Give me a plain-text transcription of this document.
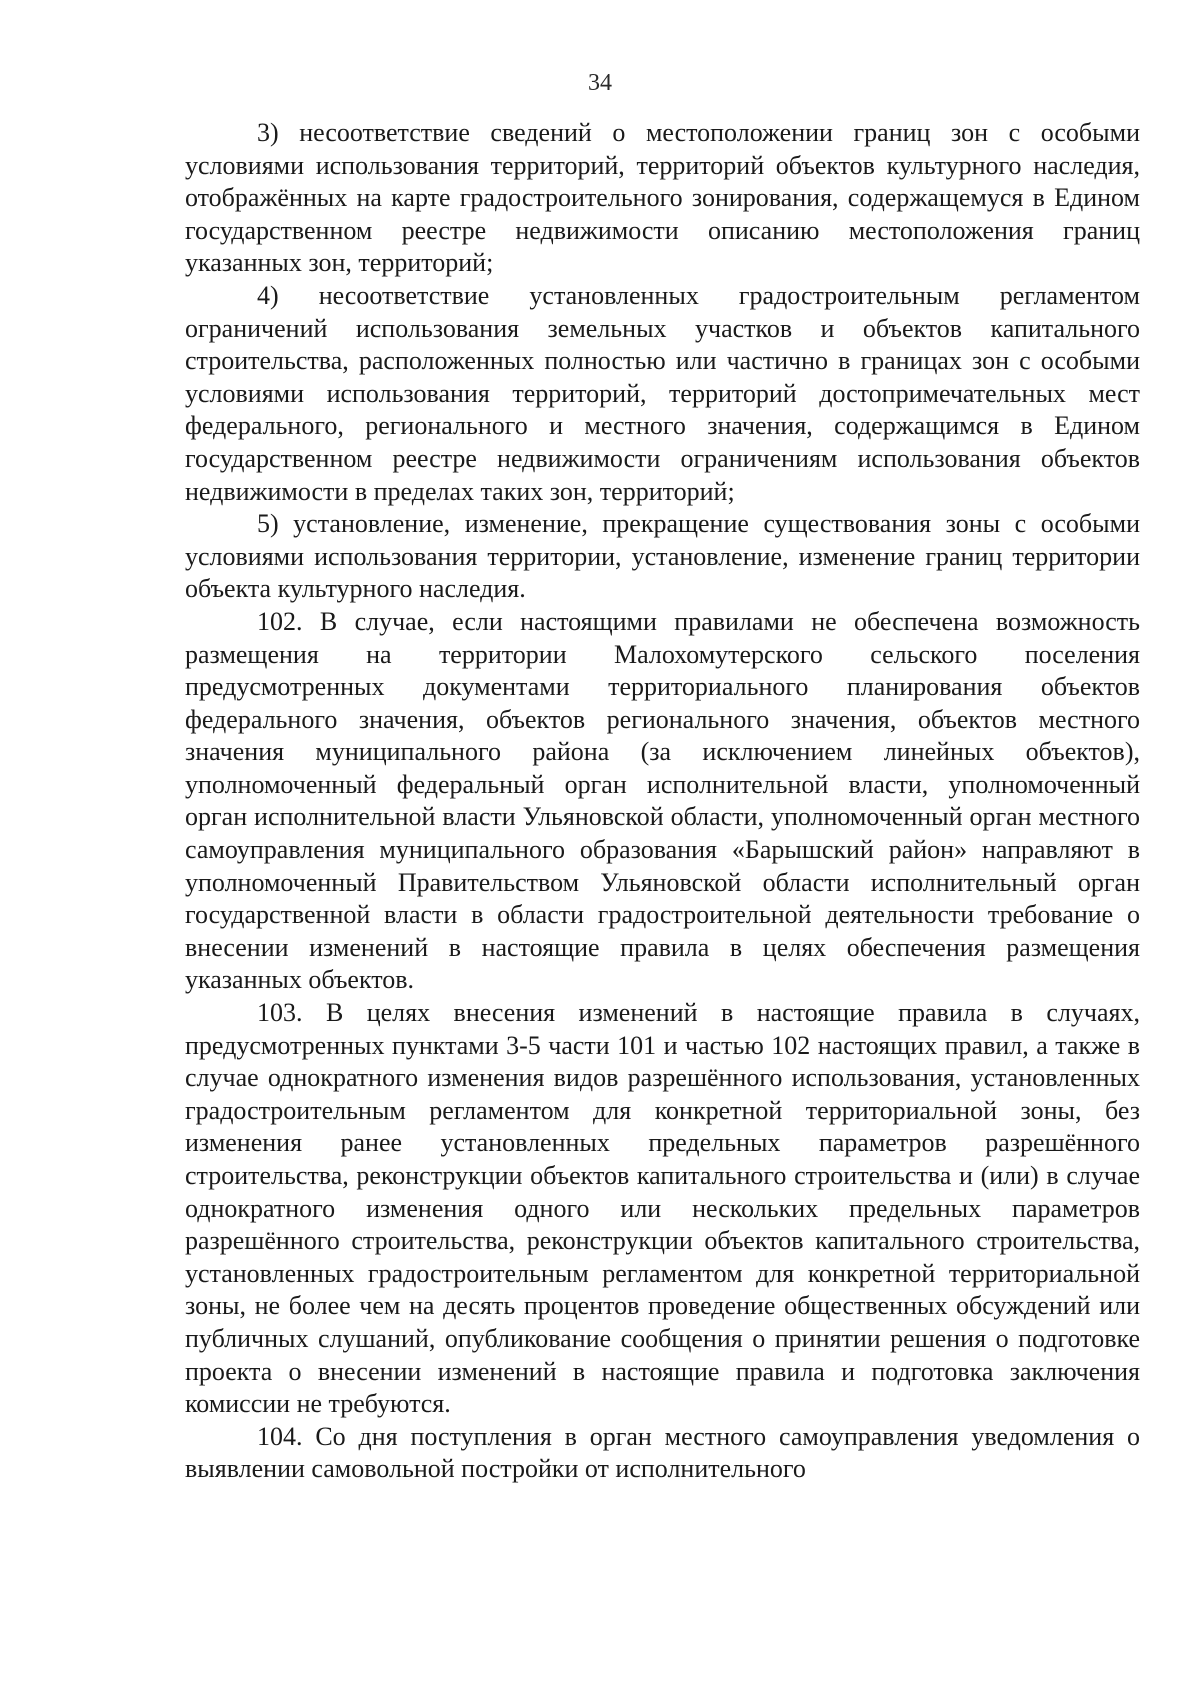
34

3) несоответствие сведений о местоположении границ зон с особыми условиями использования территорий, территорий объектов культурного наследия, отображённых на карте градостроительного зонирования, содержащемуся в Едином государственном реестре недвижимости описанию местоположения границ указанных зон, территорий;

4) несоответствие установленных градостроительным регламентом ограничений использования земельных участков и объектов капитального строительства, расположенных полностью или частично в границах зон с особыми условиями использования территорий, территорий достопримечательных мест федерального, регионального и местного значения, содержащимся в Едином государственном реестре недвижимости ограничениям использования объектов недвижимости в пределах таких зон, территорий;

5) установление, изменение, прекращение существования зоны с особыми условиями использования территории, установление, изменение границ территории объекта культурного наследия.

102. В случае, если настоящими правилами не обеспечена возможность размещения на территории Малохомутерского сельского поселения предусмотренных документами территориального планирования объектов федерального значения, объектов регионального значения, объектов местного значения муниципального района (за исключением линейных объектов), уполномоченный федеральный орган исполнительной власти, уполномоченный орган исполнительной власти Ульяновской области, уполномоченный орган местного самоуправления муниципального образования «Барышский район» направляют в уполномоченный Правительством Ульяновской области исполнительный орган государственной власти в области градостроительной деятельности требование о внесении изменений в настоящие правила в целях обеспечения размещения указанных объектов.

103. В целях внесения изменений в настоящие правила в случаях, предусмотренных пунктами 3-5 части 101 и частью 102 настоящих правил, а также в случае однократного изменения видов разрешённого использования, установленных градостроительным регламентом для конкретной территориальной зоны, без изменения ранее установленных предельных параметров разрешённого строительства, реконструкции объектов капитального строительства и (или) в случае однократного изменения одного или нескольких предельных параметров разрешённого строительства, реконструкции объектов капитального строительства, установленных градостроительным регламентом для конкретной территориальной зоны, не более чем на десять процентов проведение общественных обсуждений или публичных слушаний, опубликование сообщения о принятии решения о подготовке проекта о внесении изменений в настоящие правила и подготовка заключения комиссии не требуются.

104. Со дня поступления в орган местного самоуправления уведомления о выявлении самовольной постройки от исполнительного
